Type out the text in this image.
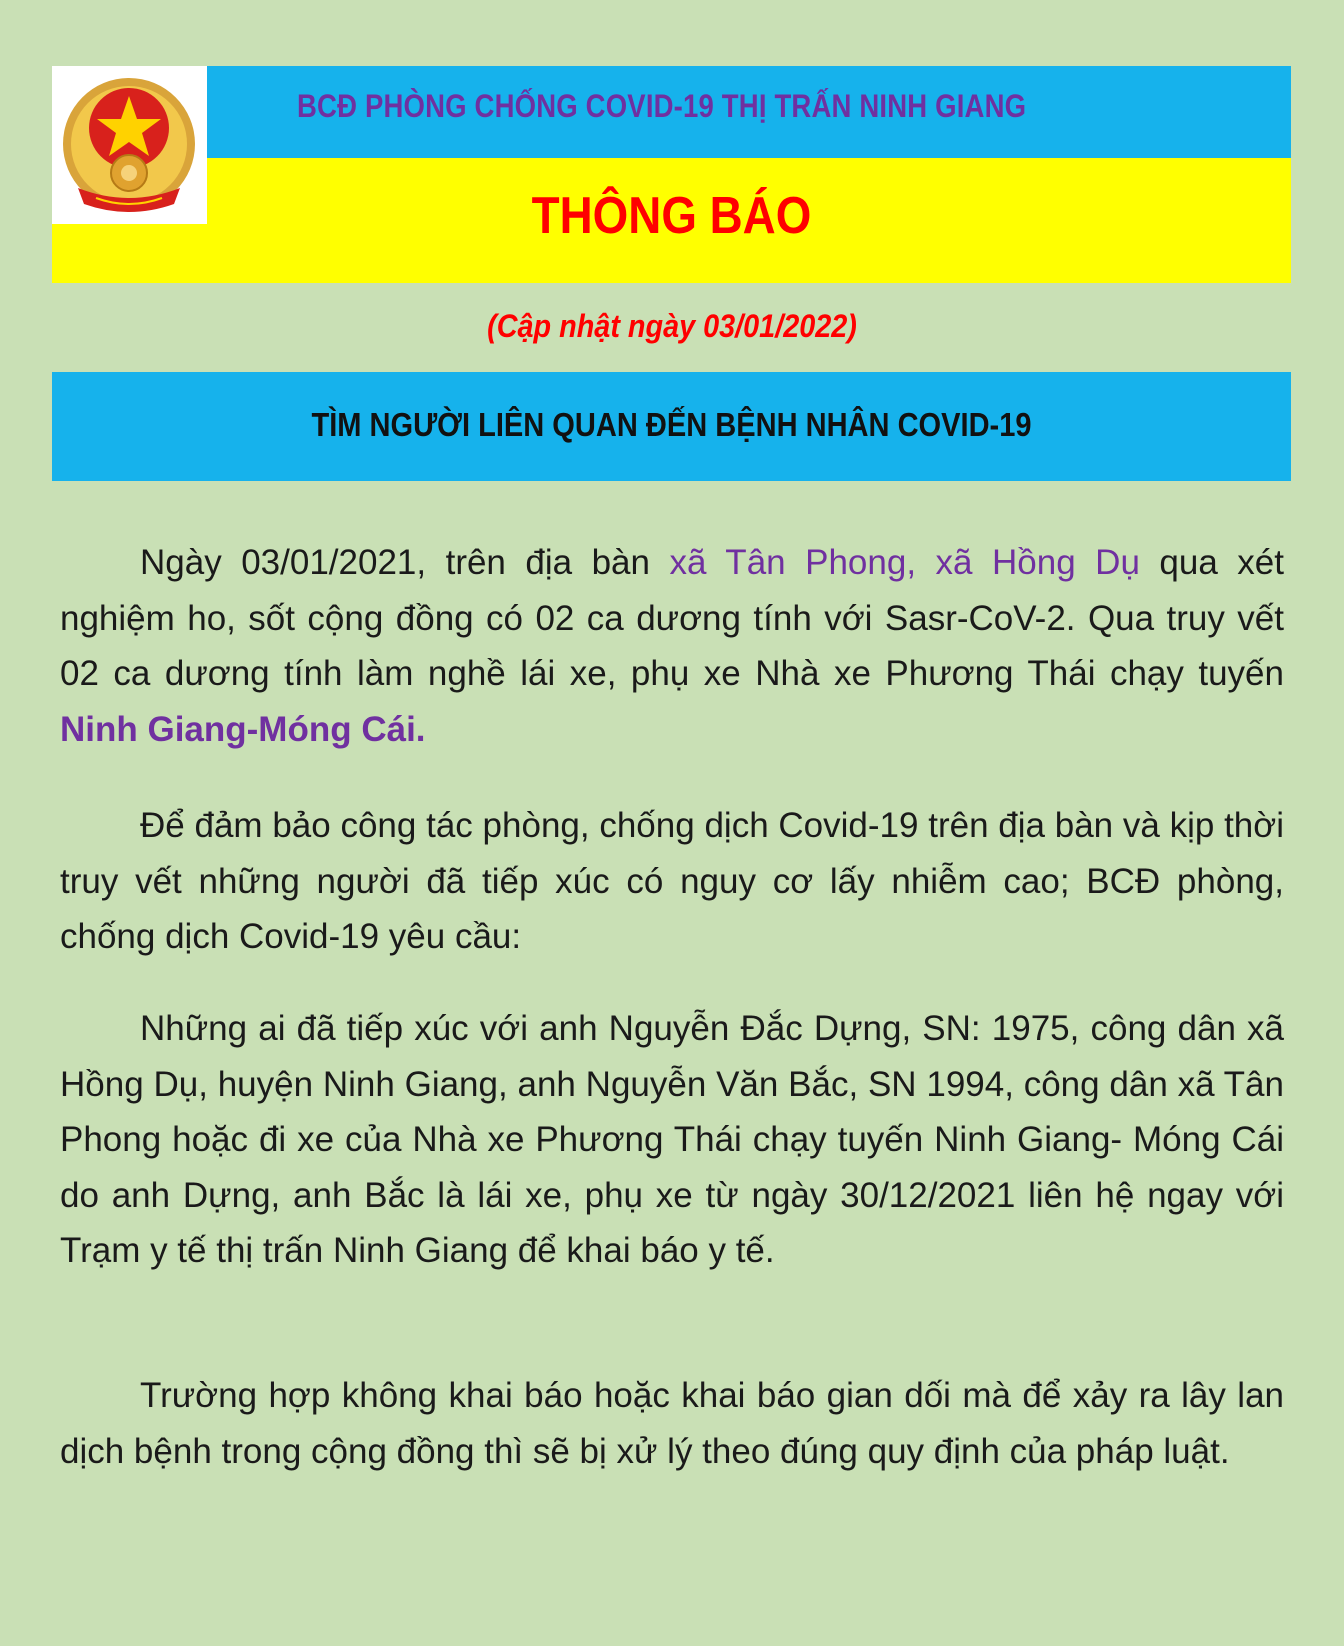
BCĐ PHÒNG CHỐNG COVID-19 THỊ TRẤN NINH GIANG
THÔNG BÁO
(Cập nhật ngày 03/01/2022)
TÌM NGƯỜI LIÊN QUAN ĐẾN BỆNH NHÂN COVID-19
Ngày 03/01/2021, trên địa bàn xã Tân Phong, xã Hồng Dụ qua xét nghiệm ho, sốt cộng đồng có 02 ca dương tính với Sasr-CoV-2. Qua truy vết 02 ca dương tính làm nghề lái xe, phụ xe Nhà xe Phương Thái chạy tuyến Ninh Giang-Móng Cái.
Để đảm bảo công tác phòng, chống dịch Covid-19 trên địa bàn và kịp thời truy vết những người đã tiếp xúc có nguy cơ lấy nhiễm cao; BCĐ phòng, chống dịch Covid-19 yêu cầu:
Những ai đã tiếp xúc với anh Nguyễn Đắc Dựng, SN: 1975, công dân xã Hồng Dụ, huyện Ninh Giang, anh Nguyễn Văn Bắc, SN 1994, công dân xã Tân Phong hoặc đi xe của Nhà xe Phương Thái chạy tuyến Ninh Giang- Móng Cái do anh Dựng, anh Bắc là lái xe, phụ xe từ ngày 30/12/2021 liên hệ ngay với Trạm y tế thị trấn Ninh Giang để khai báo y tế.
Trường hợp không khai báo hoặc khai báo gian dối mà để xảy ra lây lan dịch bệnh trong cộng đồng thì sẽ bị xử lý theo đúng quy định của pháp luật.
